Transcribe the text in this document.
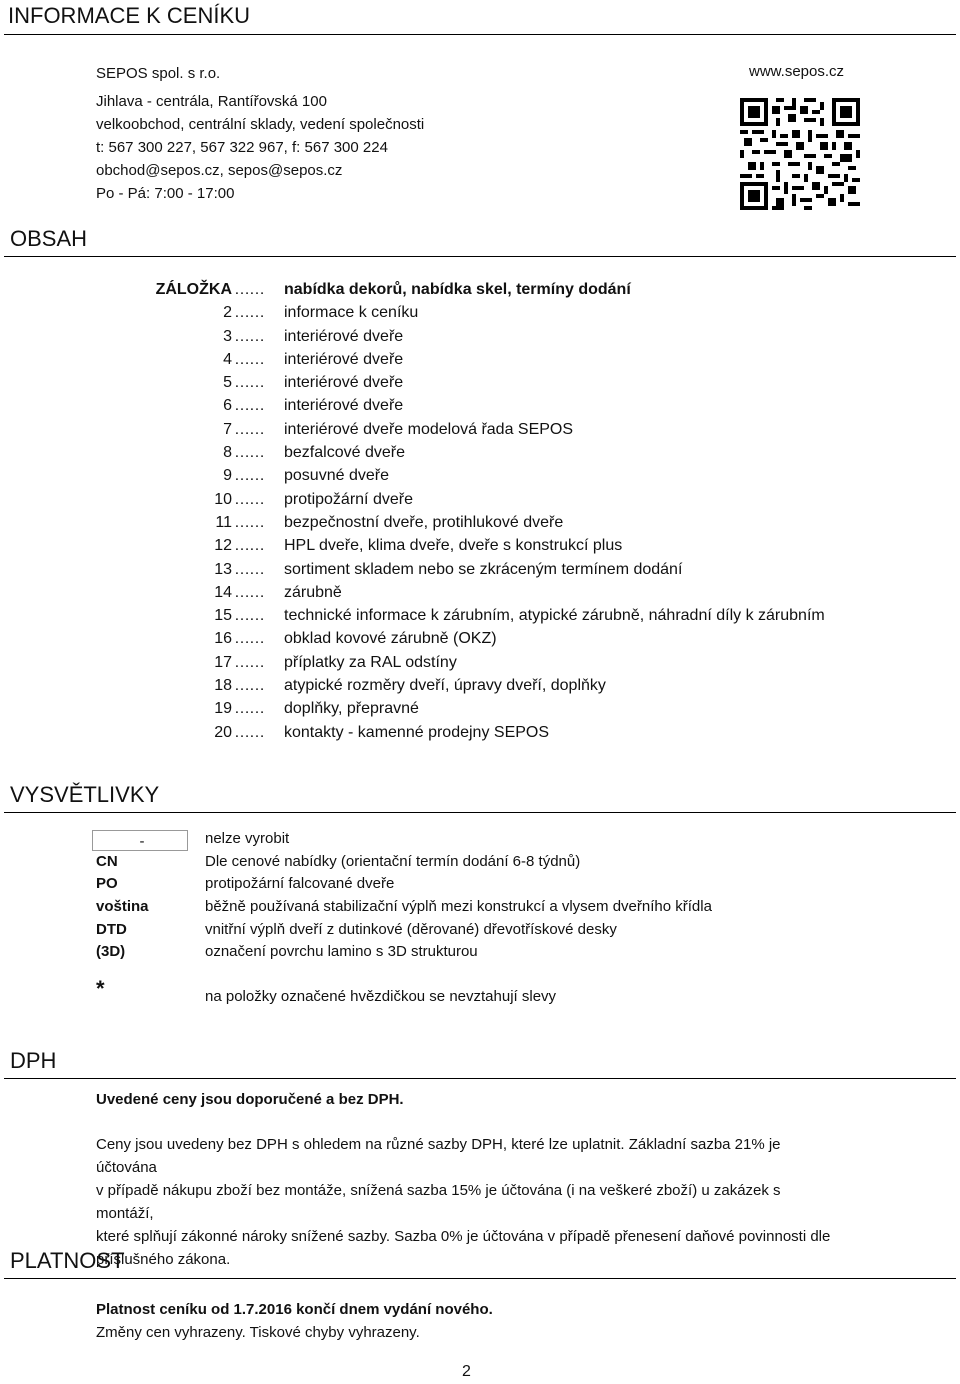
INFORMACE K CENÍKU
SEPOS spol. s r.o.
Jihlava - centrála, Rantířovská 100
velkoobchod, centrální sklady, vedení společnosti
t: 567 300 227, 567 322 967, f: 567 300 224
obchod@sepos.cz, sepos@sepos.cz
Po - Pá: 7:00 - 17:00
www.sepos.cz
OBSAH
ZÁLOŽKA …… nabídka dekorů, nabídka skel, termíny dodání
2 …… informace k ceníku
3 …… interiérové dveře
4 …… interiérové dveře
5 …… interiérové dveře
6 …… interiérové dveře
7 …… interiérové dveře modelová řada SEPOS
8 …… bezfalcové dveře
9 …… posuvné dveře
10 …… protipožární dveře
11 …… bezpečnostní dveře, protihlukové dveře
12 …… HPL dveře, klima dveře, dveře s konstrukcí plus
13 …… sortiment skladem nebo se zkráceným termínem dodání
14 …… zárubně
15 …… technické informace k zárubním, atypické zárubně, náhradní díly k zárubním
16 …… obklad kovové zárubně (OKZ)
17 …… příplatky za RAL odstíny
18 …… atypické rozměry dveří, úpravy dveří, doplňky
19 …… doplňky, přepravné
20 …… kontakty - kamenné prodejny SEPOS
VYSVĚTLIVKY
-	nelze vyrobit
CN	Dle cenové nabídky (orientační termín dodání 6-8 týdnů)
PO	protipožární falcované dveře
voština	běžně používaná stabilizační výplň mezi konstrukcí a vlysem dveřního křídla
DTD	vnitřní výplň dveří z dutinkové (děrované) dřevotřískové desky
(3D)	označení povrchu lamino s 3D strukturou
*	na položky označené hvězdičkou se nevztahují slevy
DPH
Uvedené ceny jsou doporučené a bez DPH.
Ceny jsou uvedeny bez DPH s ohledem na různé sazby DPH, které lze uplatnit. Základní sazba 21% je účtována
v případě nákupu zboží bez montáže, snížená sazba 15% je účtována (i na veškeré zboží) u zakázek s montáží,
které splňují zákonné nároky snížené sazby. Sazba 0% je účtována v případě přenesení daňové povinnosti dle
příslušného zákona.
PLATNOST
Platnost ceníku od 1.7.2016 končí dnem vydání nového.
Změny cen vyhrazeny. Tiskové chyby vyhrazeny.
2
